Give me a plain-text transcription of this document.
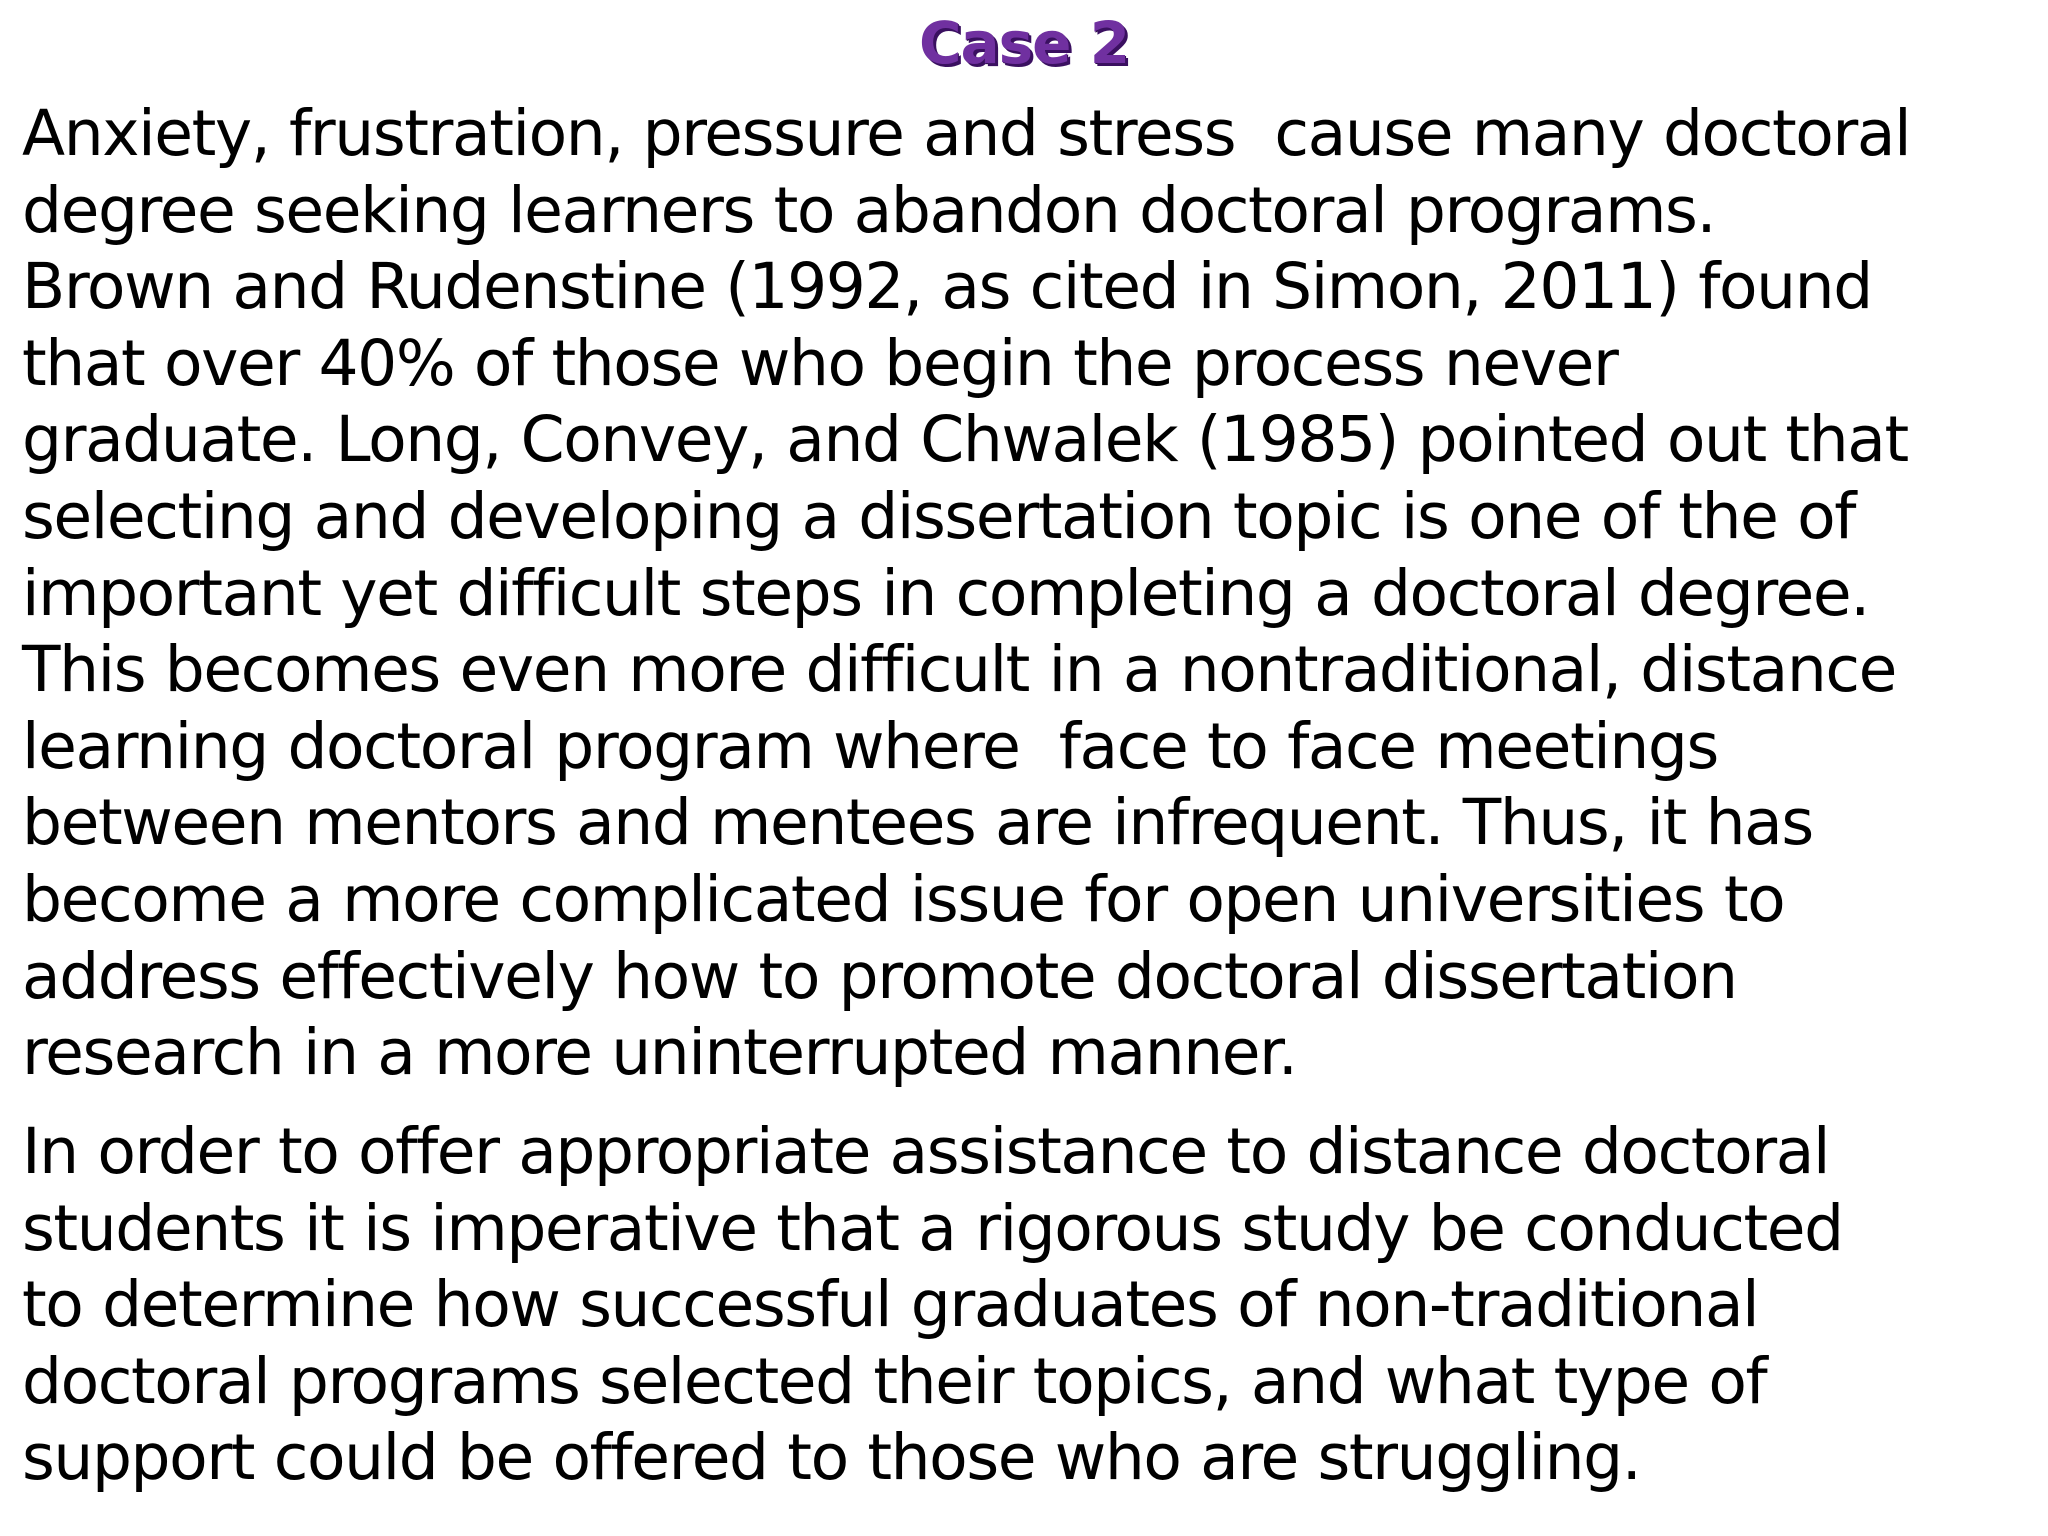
Case 2
Anxiety, frustration, pressure and stress  cause many doctoral
degree seeking learners to abandon doctoral programs.
Brown and Rudenstine (1992, as cited in Simon, 2011) found
that over 40% of those who begin the process never
graduate. Long, Convey, and Chwalek (1985) pointed out that
selecting and developing a dissertation topic is one of the of
important yet difficult steps in completing a doctoral degree.
This becomes even more difficult in a nontraditional, distance
learning doctoral program where  face to face meetings
between mentors and mentees are infrequent. Thus, it has
become a more complicated issue for open universities to
address effectively how to promote doctoral dissertation
research in a more uninterrupted manner.
In order to offer appropriate assistance to distance doctoral
students it is imperative that a rigorous study be conducted
to determine how successful graduates of non-traditional
doctoral programs selected their topics, and what type of
support could be offered to those who are struggling.
